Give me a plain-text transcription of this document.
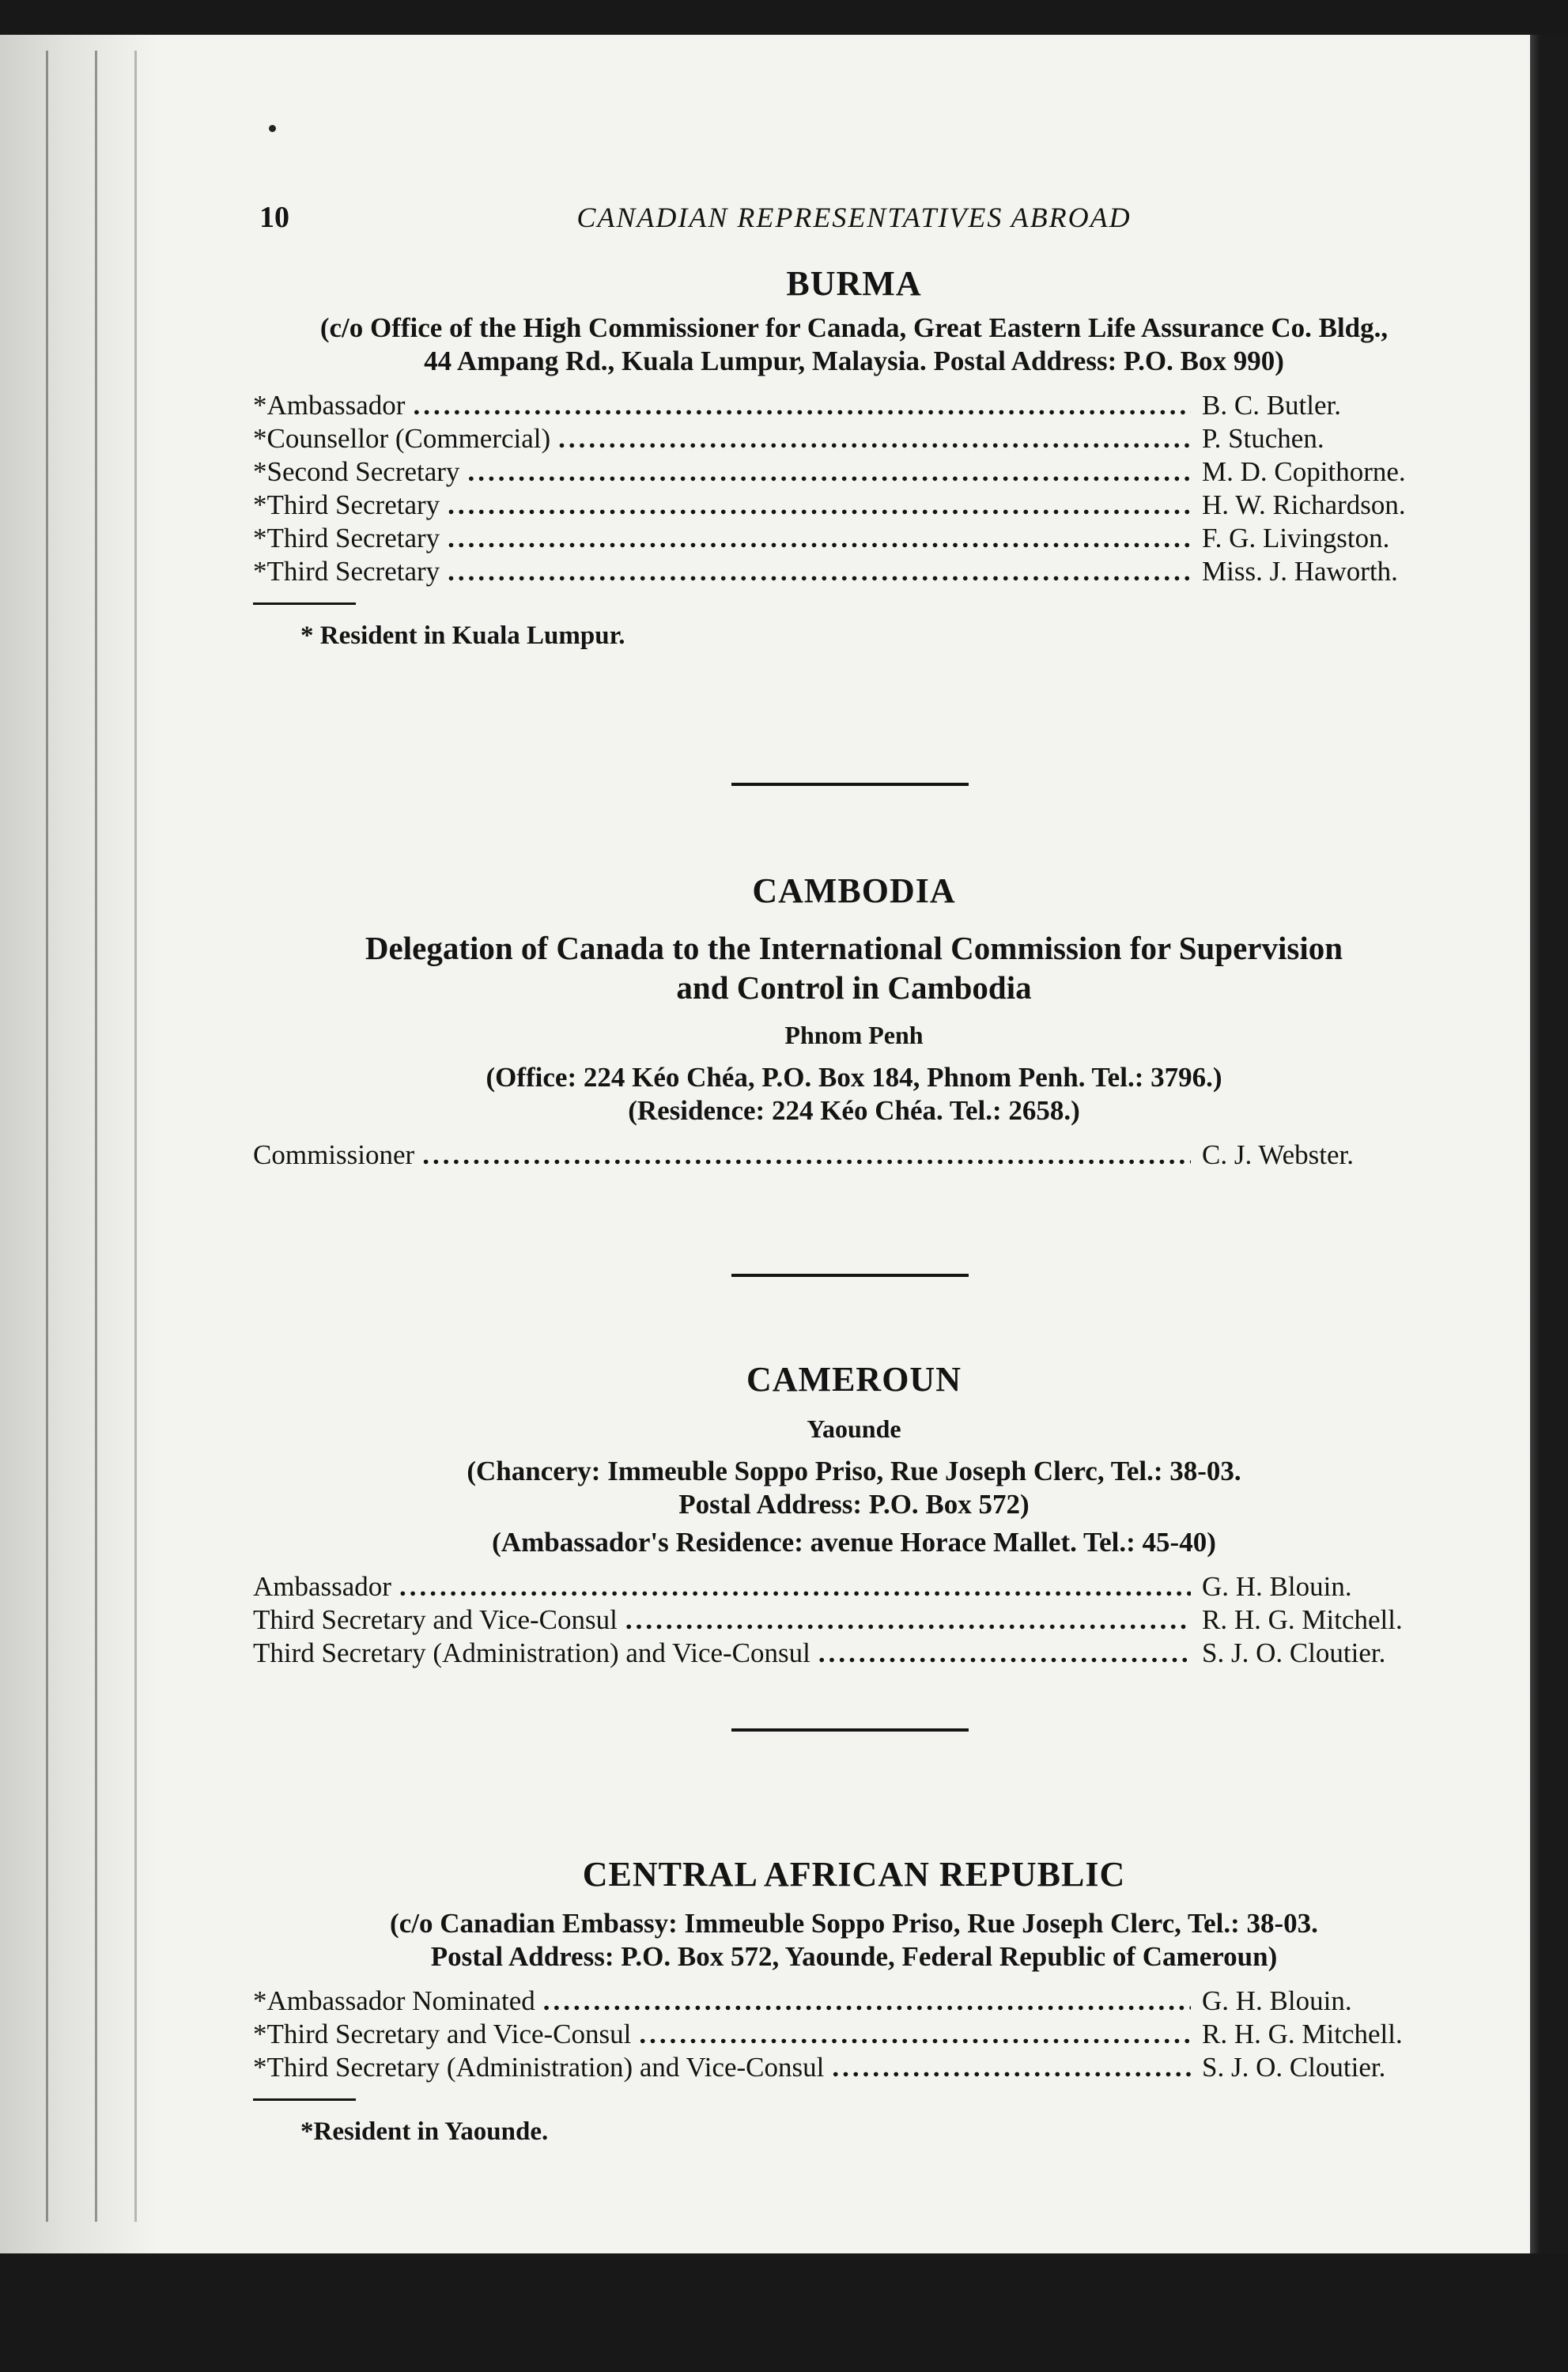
10	CANADIAN REPRESENTATIVES ABROAD
BURMA
(c/o Office of the High Commissioner for Canada, Great Eastern Life Assurance Co. Bldg.,
44 Ampang Rd., Kuala Lumpur, Malaysia. Postal Address: P.O. Box 990)
*Ambassador .....	B. C. Butler.
*Counsellor (Commercial) .....	P. Stuchen.
*Second Secretary .....	M. D. Copithorne.
*Third Secretary .....	H. W. Richardson.
*Third Secretary .....	F. G. Livingston.
*Third Secretary .....	Miss. J. Haworth.
* Resident in Kuala Lumpur.
CAMBODIA
Delegation of Canada to the International Commission for Supervision
and Control in Cambodia
Phnom Penh
(Office: 224 Kéo Chéa, P.O. Box 184, Phnom Penh. Tel.: 3796.)
(Residence: 224 Kéo Chéa. Tel.: 2658.)
Commissioner .....	C. J. Webster.
CAMEROUN
Yaounde
(Chancery: Immeuble Soppo Priso, Rue Joseph Clerc, Tel.: 38-03.
Postal Address: P.O. Box 572)
(Ambassador's Residence: avenue Horace Mallet. Tel.: 45-40)
Ambassador .....	G. H. Blouin.
Third Secretary and Vice-Consul .....	R. H. G. Mitchell.
Third Secretary (Administration) and Vice-Consul .....	S. J. O. Cloutier.
CENTRAL AFRICAN REPUBLIC
(c/o Canadian Embassy: Immeuble Soppo Priso, Rue Joseph Clerc, Tel.: 38-03.
Postal Address: P.O. Box 572, Yaounde, Federal Republic of Cameroun)
*Ambassador Nominated .....	G. H. Blouin.
*Third Secretary and Vice-Consul .....	R. H. G. Mitchell.
*Third Secretary (Administration) and Vice-Consul .....	S. J. O. Cloutier.
*Resident in Yaounde.
